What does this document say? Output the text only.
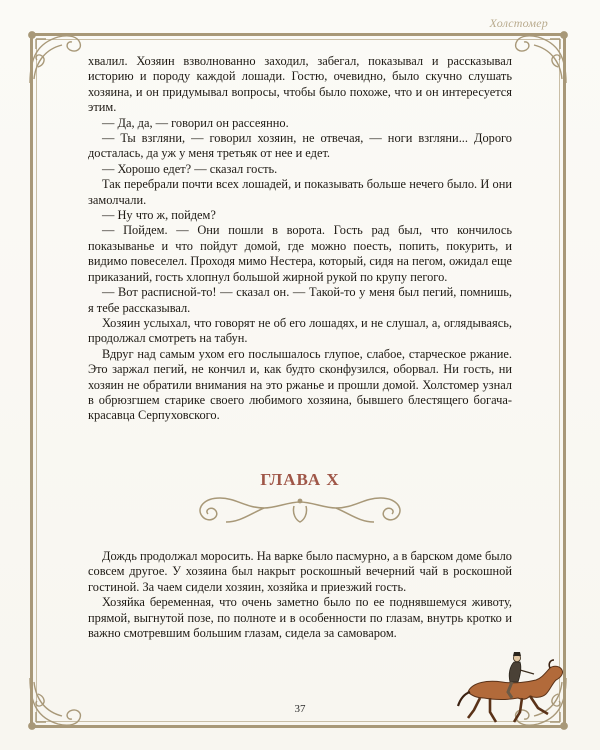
Холстомер

хвалил. Хозяин взволнованно заходил, забегал, показывал и рассказывал историю и породу каждой лошади. Гостю, очевидно, было скучно слушать хозяина, и он придумывал вопросы, чтобы было похоже, что и он интересуется этим.

— Да, да, — говорил он рассеянно.

— Ты взгляни, — говорил хозяин, не отвечая, — ноги взгляни... Дорого досталась, да уж у меня третьяк от нее и едет.

— Хорошо едет? — сказал гость.

Так перебрали почти всех лошадей, и показывать больше нечего было. И они замолчали.

— Ну что ж, пойдем?

— Пойдем. — Они пошли в ворота. Гость рад был, что кончилось показыванье и что пойдут домой, где можно поесть, попить, покурить, и видимо повеселел. Проходя мимо Нестера, который, сидя на пегом, ожидал еще приказаний, гость хлопнул большой жирной рукой по крупу пегого.

— Вот расписной-то! — сказал он. — Такой-то у меня был пегий, помнишь, я тебе рассказывал.

Хозяин услыхал, что говорят не об его лошадях, и не слушал, а, оглядываясь, продолжал смотреть на табун.

Вдруг над самым ухом его послышалось глупое, слабое, старческое ржание. Это заржал пегий, не кончил и, как будто сконфузился, оборвал. Ни гость, ни хозяин не обратили внимания на это ржанье и прошли домой. Холстомер узнал в обрюзгшем старике своего любимого хозяина, бывшего блестящего богача-красавца Серпуховского.

ГЛАВА X

Дождь продолжал моросить. На варке было пасмурно, а в барском доме было совсем другое. У хозяина был накрыт роскошный вечерний чай в роскошной гостиной. За чаем сидели хозяин, хозяйка и приезжий гость.

Хозяйка беременная, что очень заметно было по ее поднявшемуся животу, прямой, выгнутой позе, по полноте и в особенности по глазам, внутрь кротко и важно смотревшим большим глазам, сидела за самоваром.

37
